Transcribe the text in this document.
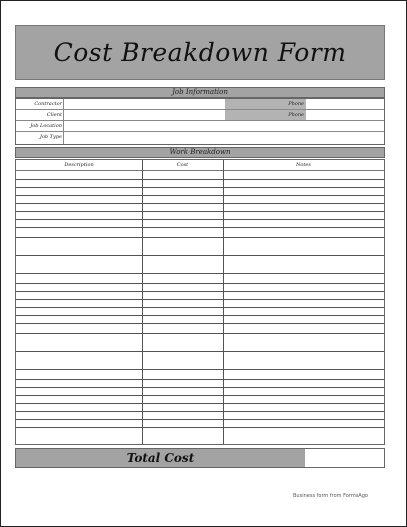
Cost Breakdown Form
Job Information
Contractor	Phone
Client	Phone
Job Location
Job Type
Work Breakdown
Description	Cost	Notes
Total Cost
Business form from FormsAgo
